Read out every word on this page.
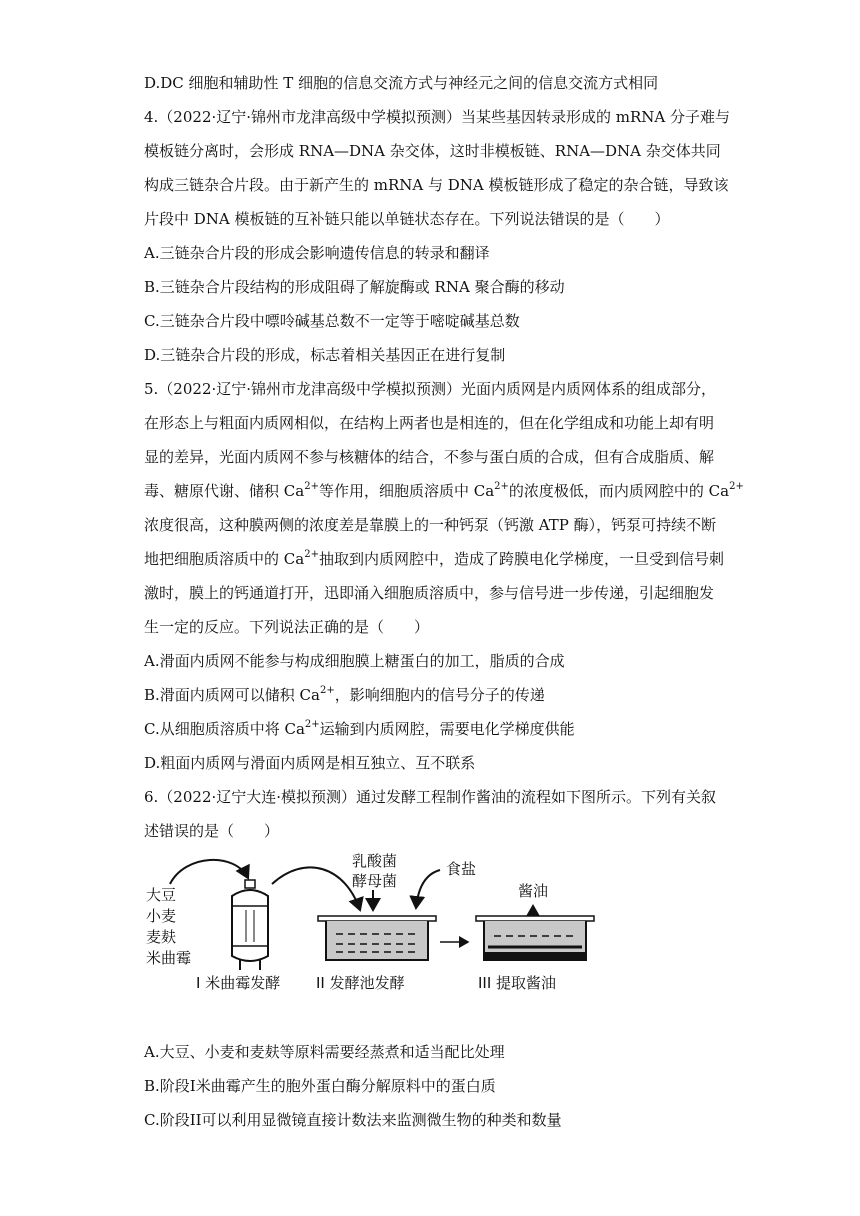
D.DC 细胞和辅助性 T 细胞的信息交流方式与神经元之间的信息交流方式相同
4.（2022·辽宁·锦州市龙津高级中学模拟预测）当某些基因转录形成的 mRNA 分子难与
模板链分离时，会形成 RNA—DNA 杂交体，这时非模板链、RNA—DNA 杂交体共同
构成三链杂合片段。由于新产生的 mRNA 与 DNA 模板链形成了稳定的杂合链，导致该
片段中 DNA 模板链的互补链只能以单链状态存在。下列说法错误的是（　　）
A.三链杂合片段的形成会影响遗传信息的转录和翻译
B.三链杂合片段结构的形成阻碍了解旋酶或 RNA 聚合酶的移动
C.三链杂合片段中嘌呤碱基总数不一定等于嘧啶碱基总数
D.三链杂合片段的形成，标志着相关基因正在进行复制
5.（2022·辽宁·锦州市龙津高级中学模拟预测）光面内质网是内质网体系的组成部分，
在形态上与粗面内质网相似，在结构上两者也是相连的，但在化学组成和功能上却有明
显的差异，光面内质网不参与核糖体的结合，不参与蛋白质的合成，但有合成脂质、解
毒、糖原代谢、储积 $Ca^{2+}$等作用，细胞质溶质中 $Ca^{2+}$的浓度极低，而内质网腔中的 $Ca^{2+}$
浓度很高，这种膜两侧的浓度差是靠膜上的一种钙泵（钙激 ATP 酶），钙泵可持续不断
地把细胞质溶质中的 $Ca^{2+}$抽取到内质网腔中，造成了跨膜电化学梯度，一旦受到信号刺
激时，膜上的钙通道打开，迅即涌入细胞质溶质中，参与信号进一步传递，引起细胞发
生一定的反应。下列说法正确的是（　　）
A.滑面内质网不能参与构成细胞膜上糖蛋白的加工，脂质的合成
B.滑面内质网可以储积 $Ca^{2+}$，影响细胞内的信号分子的传递
C.从细胞质溶质中将 $Ca^{2+}$运输到内质网腔，需要电化学梯度供能
D.粗面内质网与滑面内质网是相互独立、互不联系
6.（2022·辽宁大连·模拟预测）通过发酵工程制作酱油的流程如下图所示。下列有关叙
述错误的是（　　）
大豆
小麦
麦麸
米曲霉
乳酸菌
酵母菌
食盐
酱油
I 米曲霉发酵 II 发酵池发酵	III 提取酱油
A.大豆、小麦和麦麸等原料需要经蒸煮和适当配比处理
B.阶段I米曲霉产生的胞外蛋白酶分解原料中的蛋白质
C.阶段II可以利用显微镜直接计数法来监测微生物的种类和数量
